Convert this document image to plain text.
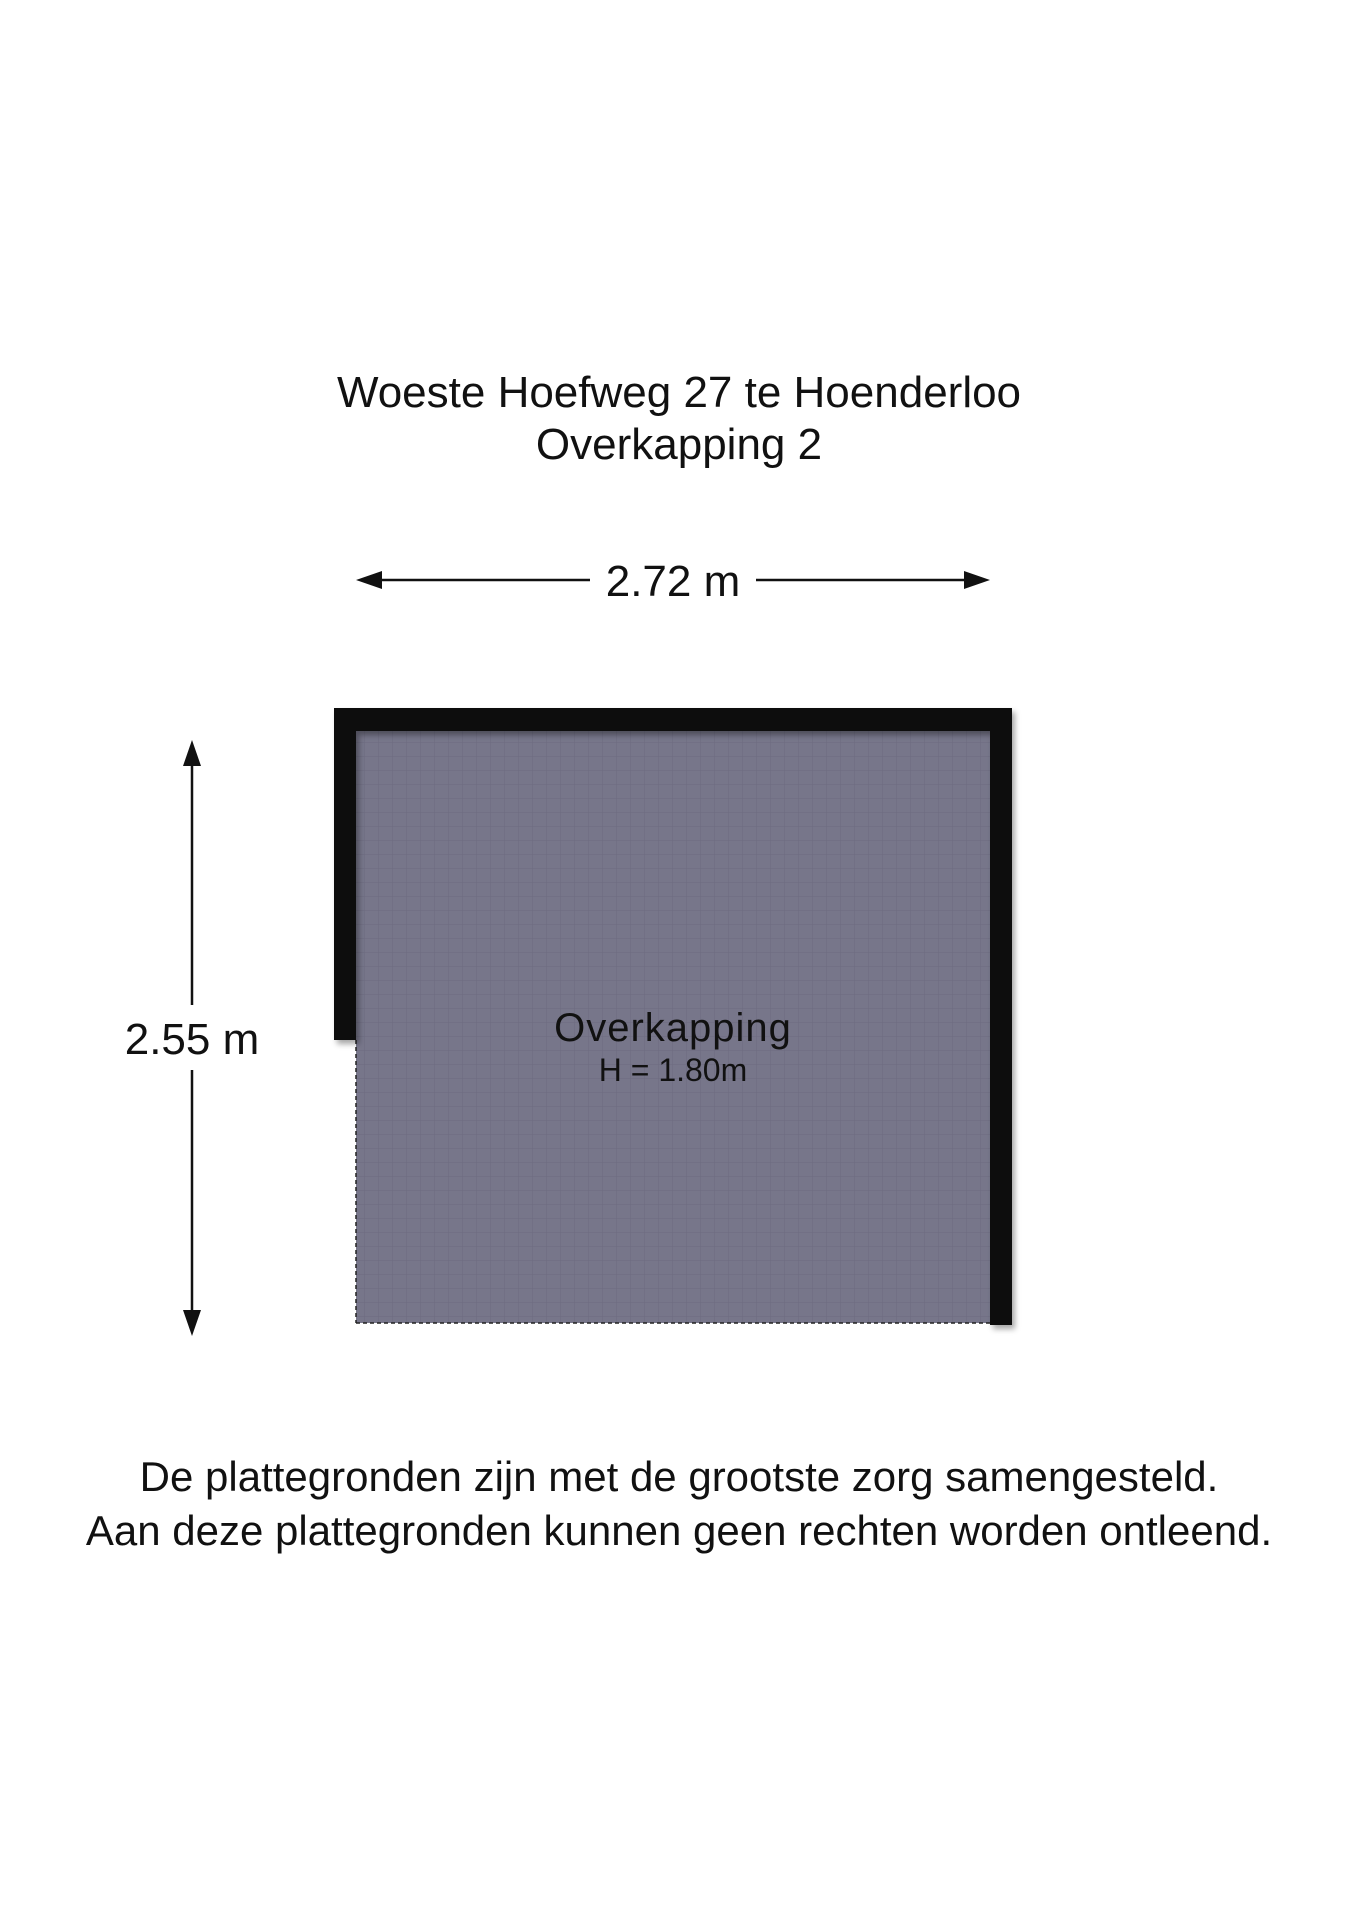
Woeste Hoefweg 27 te Hoenderloo
Overkapping 2
2.72 m
2.55 m	Overkapping
H = 1.80m

De plattegronden zijn met de grootste zorg samengesteld.

Aan deze plattegronden kunnen geen rechten worden ontleend.
